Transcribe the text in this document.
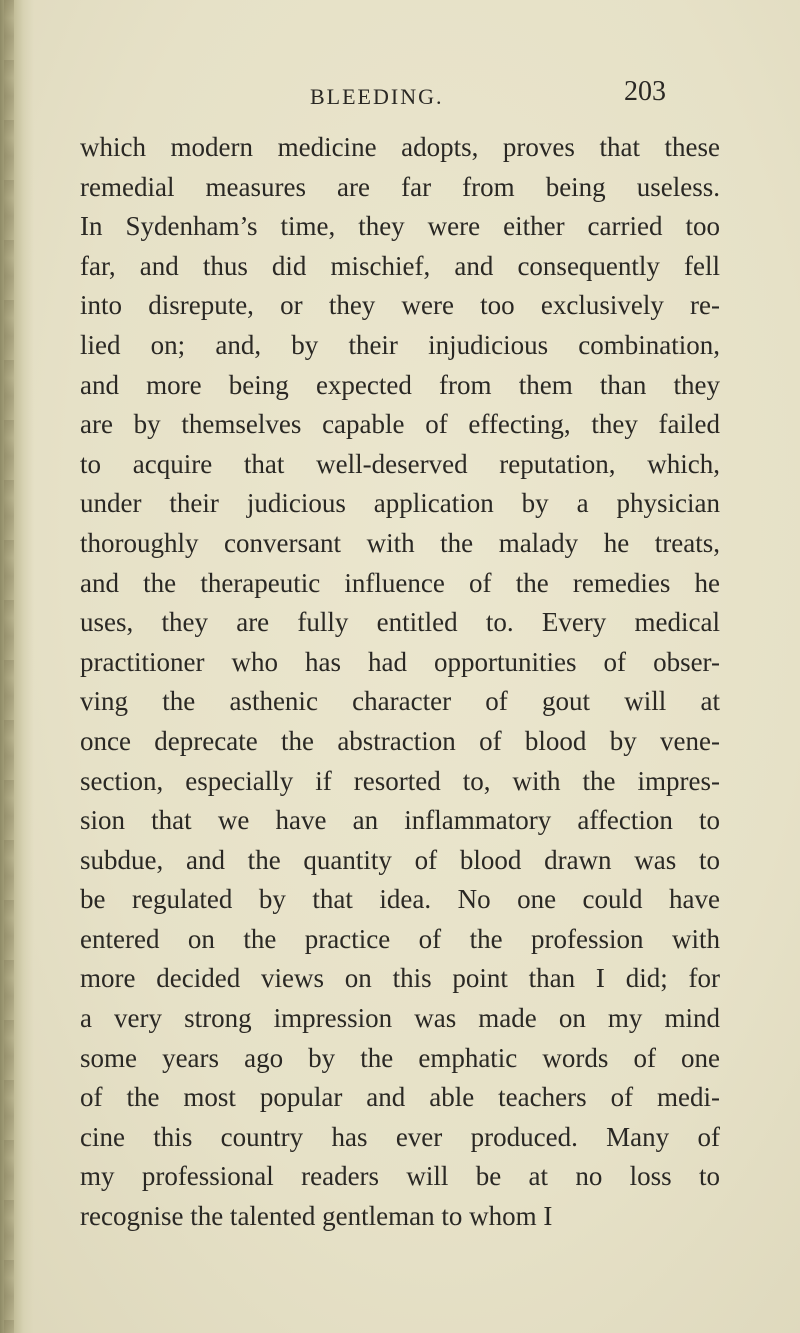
BLEEDING.	203
which modern medicine adopts, proves that these
remedial measures are far from being useless.
In Sydenham’s time, they were either carried too
far, and thus did mischief, and consequently fell
into disrepute, or they were too exclusively re-
lied on; and, by their injudicious combination,
and more being expected from them than they
are by themselves capable of effecting, they failed
to acquire that well-deserved reputation, which,
under their judicious application by a physician
thoroughly conversant with the malady he treats,
and the therapeutic influence of the remedies he
uses, they are fully entitled to. Every medical
practitioner who has had opportunities of obser-
ving the asthenic character of gout will at
once deprecate the abstraction of blood by vene-
section, especially if resorted to, with the impres-
sion that we have an inflammatory affection to
subdue, and the quantity of blood drawn was to
be regulated by that idea. No one could have
entered on the practice of the profession with
more decided views on this point than I did; for
a very strong impression was made on my mind
some years ago by the emphatic words of one
of the most popular and able teachers of medi-
cine this country has ever produced. Many of
my professional readers will be at no loss to
recognise the talented gentleman to whom I
